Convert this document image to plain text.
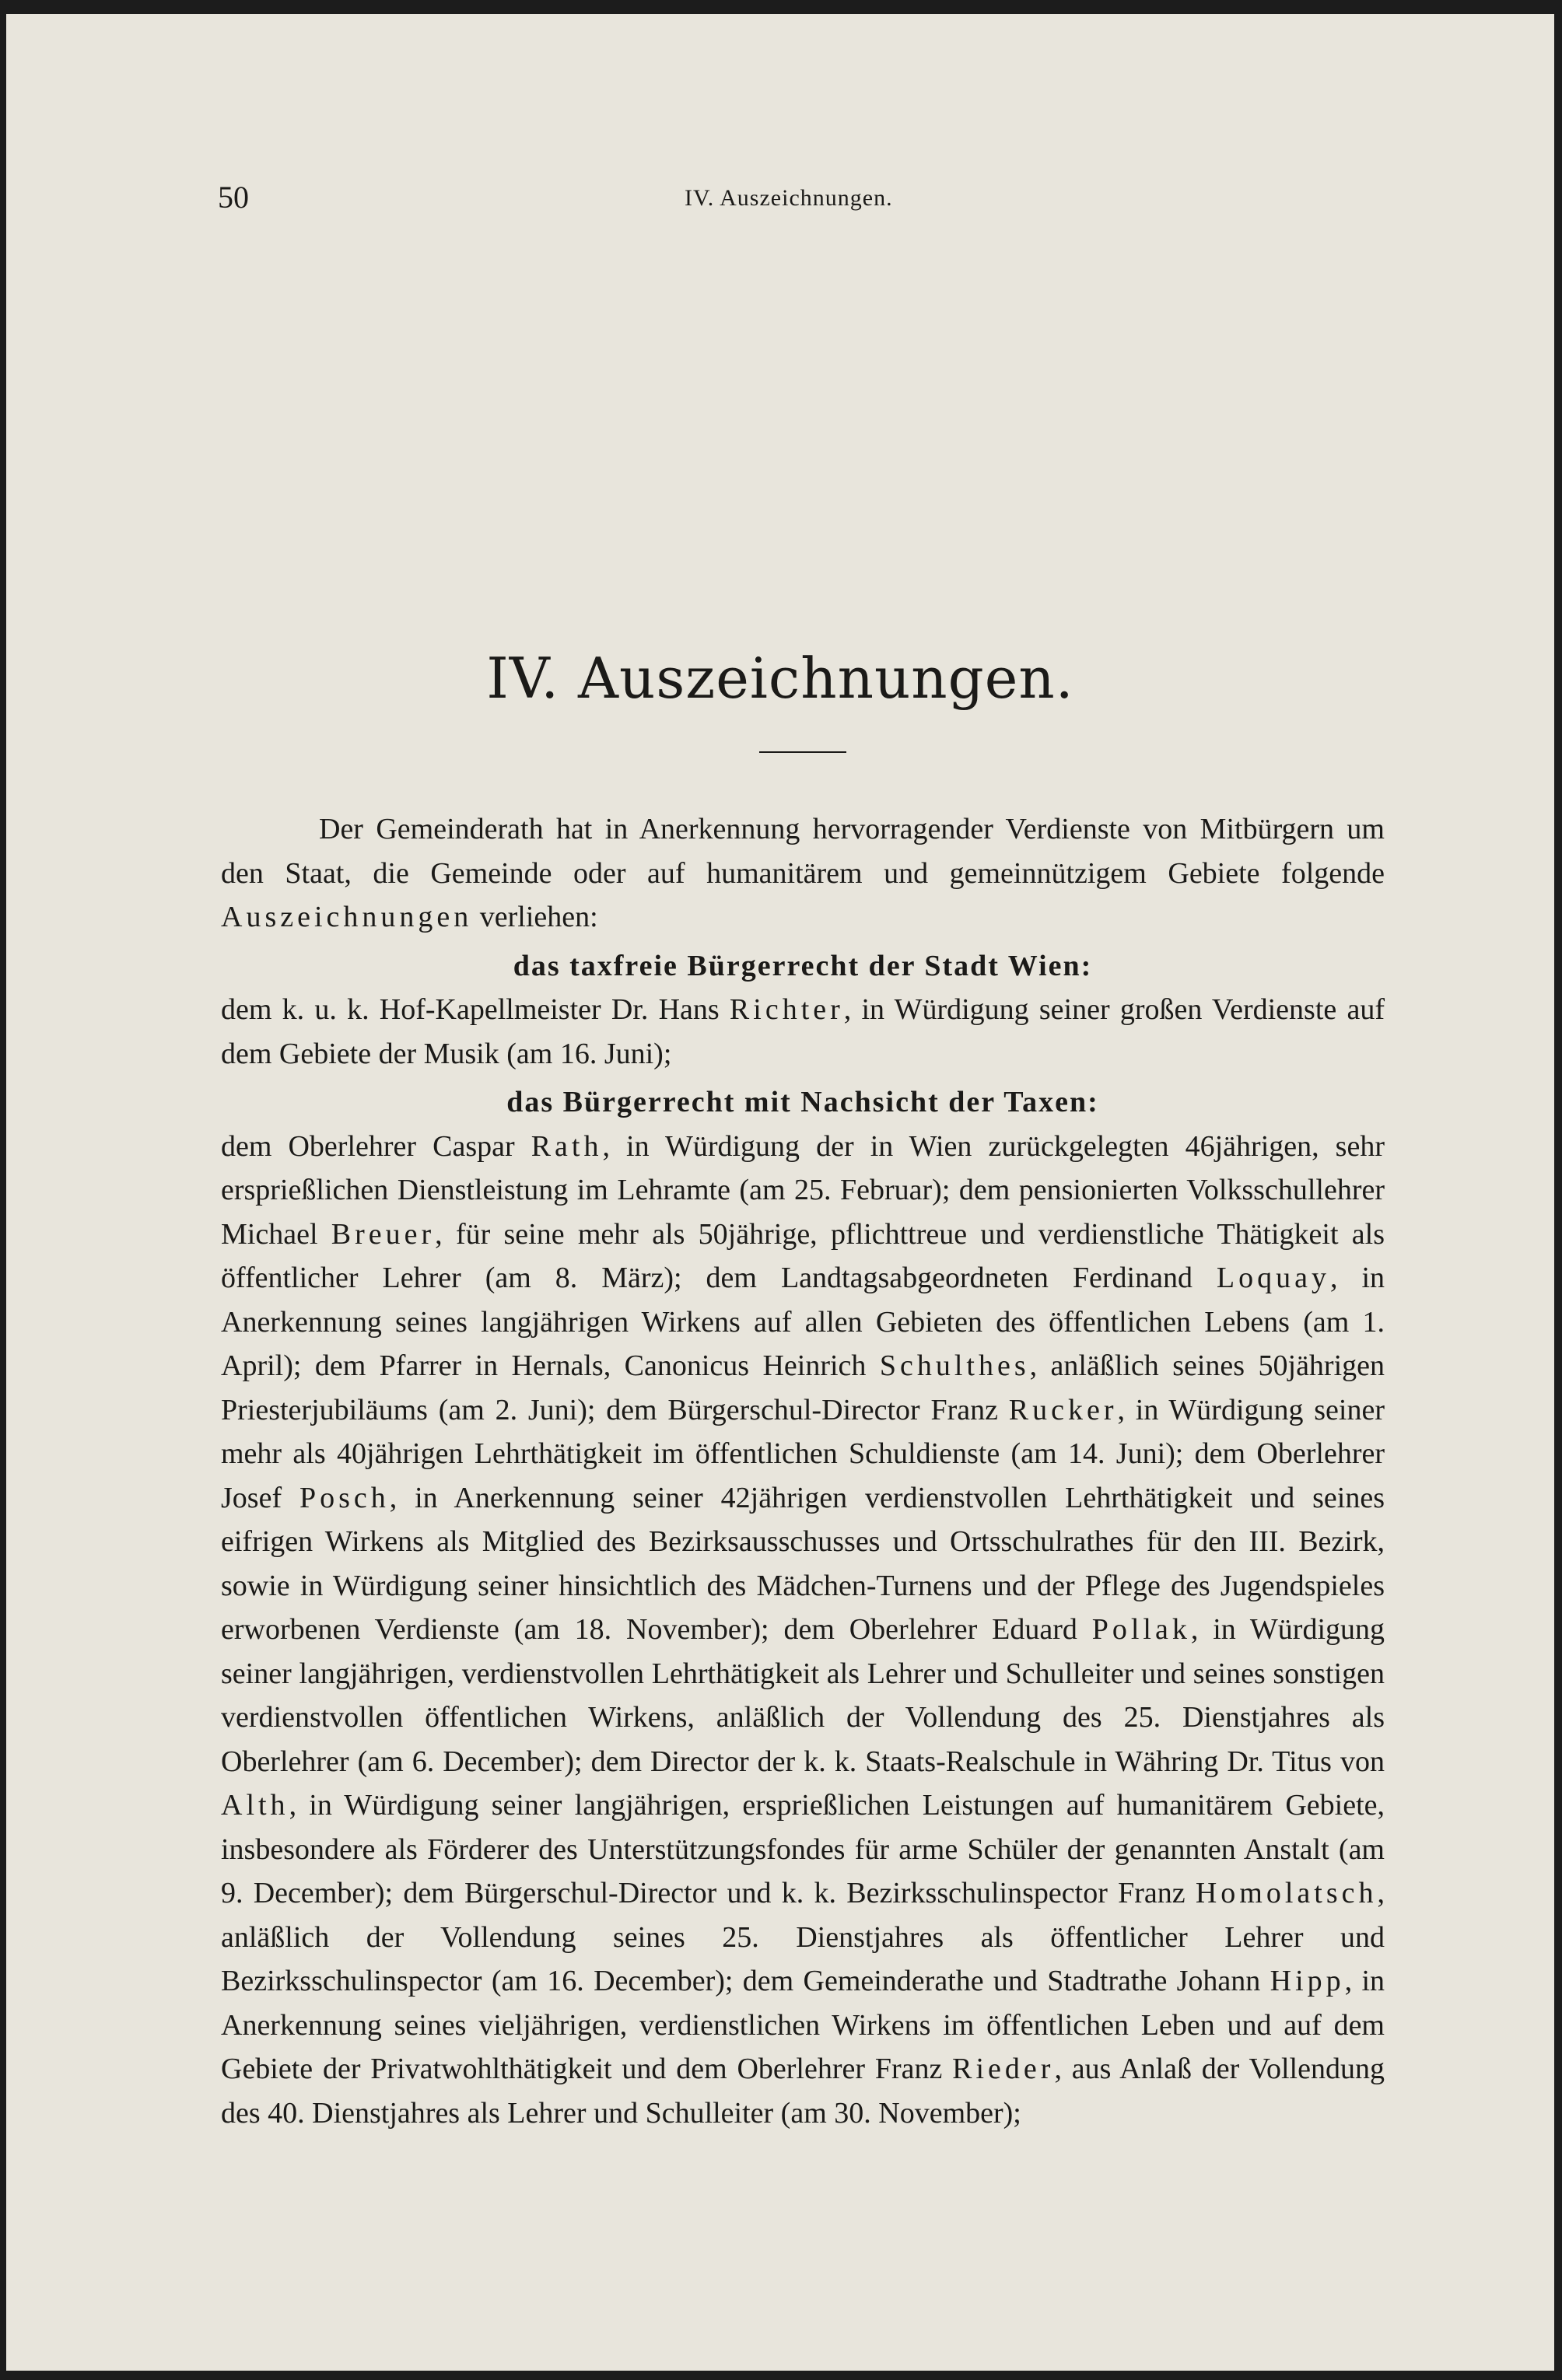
50	IV. Auszeichnungen.
IV. Auszeichnungen.

Der Gemeinderath hat in Anerkennung hervorragender Verdienste von Mitbürgern um den Staat, die Gemeinde oder auf humanitärem und gemeinnützigem Gebiete folgende Auszeichnungen verliehen:

das taxfreie Bürgerrecht der Stadt Wien:

dem k. u. k. Hof-Kapellmeister Dr. Hans Richter, in Würdigung seiner großen Verdienste auf dem Gebiete der Musik (am 16. Juni);

das Bürgerrecht mit Nachsicht der Taxen:

dem Oberlehrer Caspar Rath, in Würdigung der in Wien zurückgelegten 46jährigen, sehr ersprießlichen Dienstleistung im Lehramte (am 25. Februar); dem pensionierten Volksschullehrer Michael Breuer, für seine mehr als 50jährige, pflichttreue und verdienstliche Thätigkeit als öffentlicher Lehrer (am 8. März); dem Landtagsabgeordneten Ferdinand Loquay, in Anerkennung seines langjährigen Wirkens auf allen Gebieten des öffentlichen Lebens (am 1. April); dem Pfarrer in Hernals, Canonicus Heinrich Schulthes, anläßlich seines 50jährigen Priesterjubiläums (am 2. Juni); dem Bürgerschul-Director Franz Rucker, in Würdigung seiner mehr als 40jährigen Lehrthätigkeit im öffentlichen Schuldienste (am 14. Juni); dem Oberlehrer Josef Posch, in Anerkennung seiner 42jährigen verdienstvollen Lehrthätigkeit und seines eifrigen Wirkens als Mitglied des Bezirksausschusses und Ortsschulrathes für den III. Bezirk, sowie in Würdigung seiner hinsichtlich des Mädchen-Turnens und der Pflege des Jugendspieles erworbenen Verdienste (am 18. November); dem Oberlehrer Eduard Pollak, in Würdigung seiner langjährigen, verdienstvollen Lehrthätigkeit als Lehrer und Schulleiter und seines sonstigen verdienstvollen öffentlichen Wirkens, anläßlich der Vollendung des 25. Dienstjahres als Oberlehrer (am 6. December); dem Director der k. k. Staats-Realschule in Währing Dr. Titus von Alth, in Würdigung seiner langjährigen, ersprießlichen Leistungen auf humanitärem Gebiete, insbesondere als Förderer des Unterstützungsfondes für arme Schüler der genannten Anstalt (am 9. December); dem Bürgerschul-Director und k. k. Bezirksschulinspector Franz Homolatsch, anläßlich der Vollendung seines 25. Dienstjahres als öffentlicher Lehrer und Bezirksschulinspector (am 16. December); dem Gemeinderathe und Stadtrathe Johann Hipp, in Anerkennung seines vieljährigen, verdienstlichen Wirkens im öffentlichen Leben und auf dem Gebiete der Privatwohlthätigkeit und dem Oberlehrer Franz Rieder, aus Anlaß der Vollendung des 40. Dienstjahres als Lehrer und Schulleiter (am 30. November);
